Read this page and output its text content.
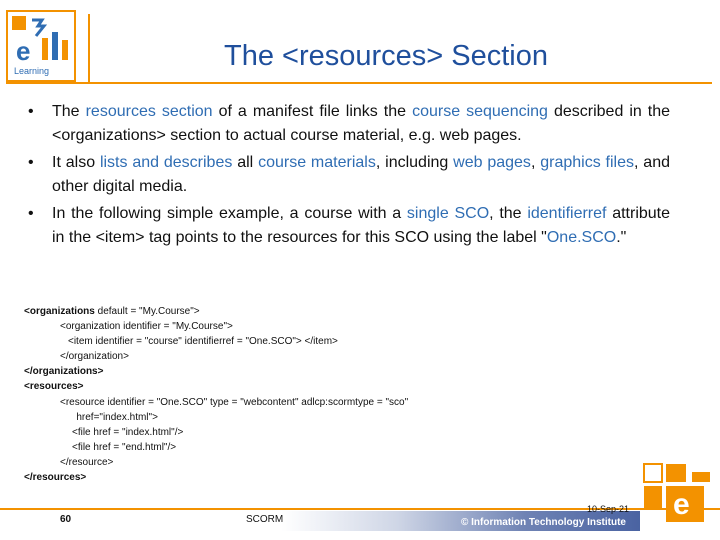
e
Learning	The <resources> Section
• The resources section of a manifest file links the course sequencing described in the <organizations> section to actual course material, e.g. web pages.
• It also lists and describes all course materials, including web pages, graphics files, and other digital media.
• In the following simple example, a course with a single SCO, the identifierref attribute in the <item> tag points to the resources for this SCO using the label "One.SCO."
<organizations default = "My.Course">
<organization identifier = "My.Course">
<item identifier = "course" identifierref = "One.SCO"> </item>
</organization>
</organizations>
<resources>
<resource identifier = "One.SCO" type = "webcontent" adlcp:scormtype = "sco"
href="index.html">
<file href = "index.html"/>
<file href = "end.html"/>
</resource>
</resources>
60	SCORM
10-Sep-21
© Information Technology Institute
e
